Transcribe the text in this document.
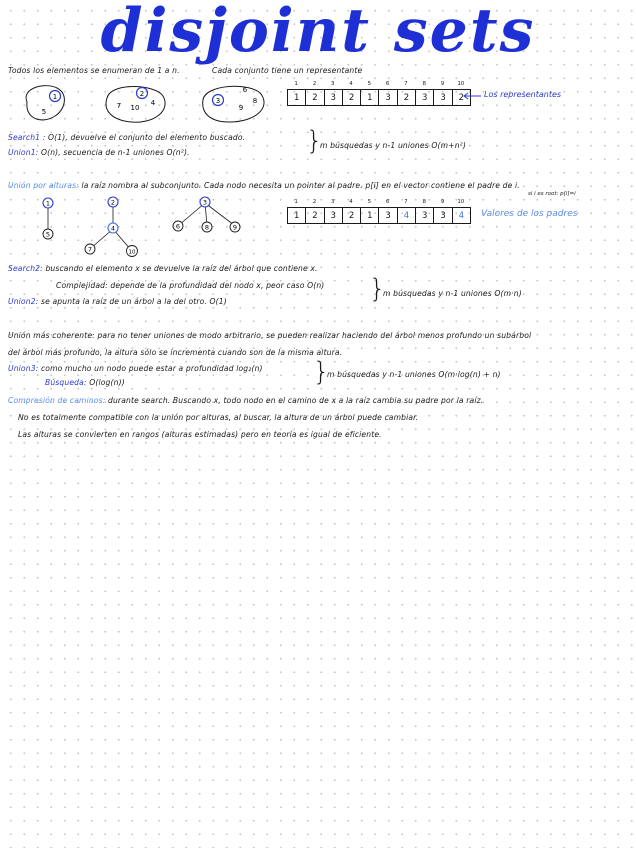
disjoint sets
Todos los elementos se enumeran de 1 a n.	Cada conjunto tiene un representante
1
5
2
7 10
4	3
6
8
9
1	2	3	4	5	6	7	8	9	10
1	2	3	2	1	3	2	3	3	2	Los representantes
Search1 : O(1), devuelve el conjunto del elemento buscado.
Union1: O(n), secuencia de n-1 uniones O(n²).	}
m búsquedas y n-1 uniones O(m+n²)
Unión por alturas: la raíz nombra al subconjunto. Cada nodo necesita un pointer al padre. p[i] en el vector contiene el padre de i.
si i es root: p[i]=i
1
5
2
4
7	10
3
6	8	9
1	2	3	4	5	6	7	8	9	10
1	2	3	2	1	3	4	3	3	4	Valores de los padres
Search2: buscando el elemento x se devuelve la raíz del árbol que contiene x.
Complejidad: depende de la profundidad del nodo x, peor caso O(n)
Union2: se apunta la raíz de un árbol a la del otro. O(1)	}
m búsquedas y n-1 uniones O(m·n)
Unión más coherente: para no tener uniones de modo arbitrario, se pueden realizar haciendo del árbol menos profundo un subárbol
del árbol más profundo, la altura sólo se incrementa cuando son de la misma altura.
Union3: como mucho un nodo puede estar a profundidad log₂(n)
Búsqueda: O(log(n))	}
m búsquedas y n-1 uniones O(m·log(n) + n)
Compresión de caminos: durante search. Buscando x, todo nodo en el camino de x a la raíz cambia su padre por la raíz.
No es totalmente compatible con la unión por alturas, al buscar, la altura de un árbol puede cambiar.
Las alturas se convierten en rangos (alturas estimadas) pero en teoría es igual de eficiente.
